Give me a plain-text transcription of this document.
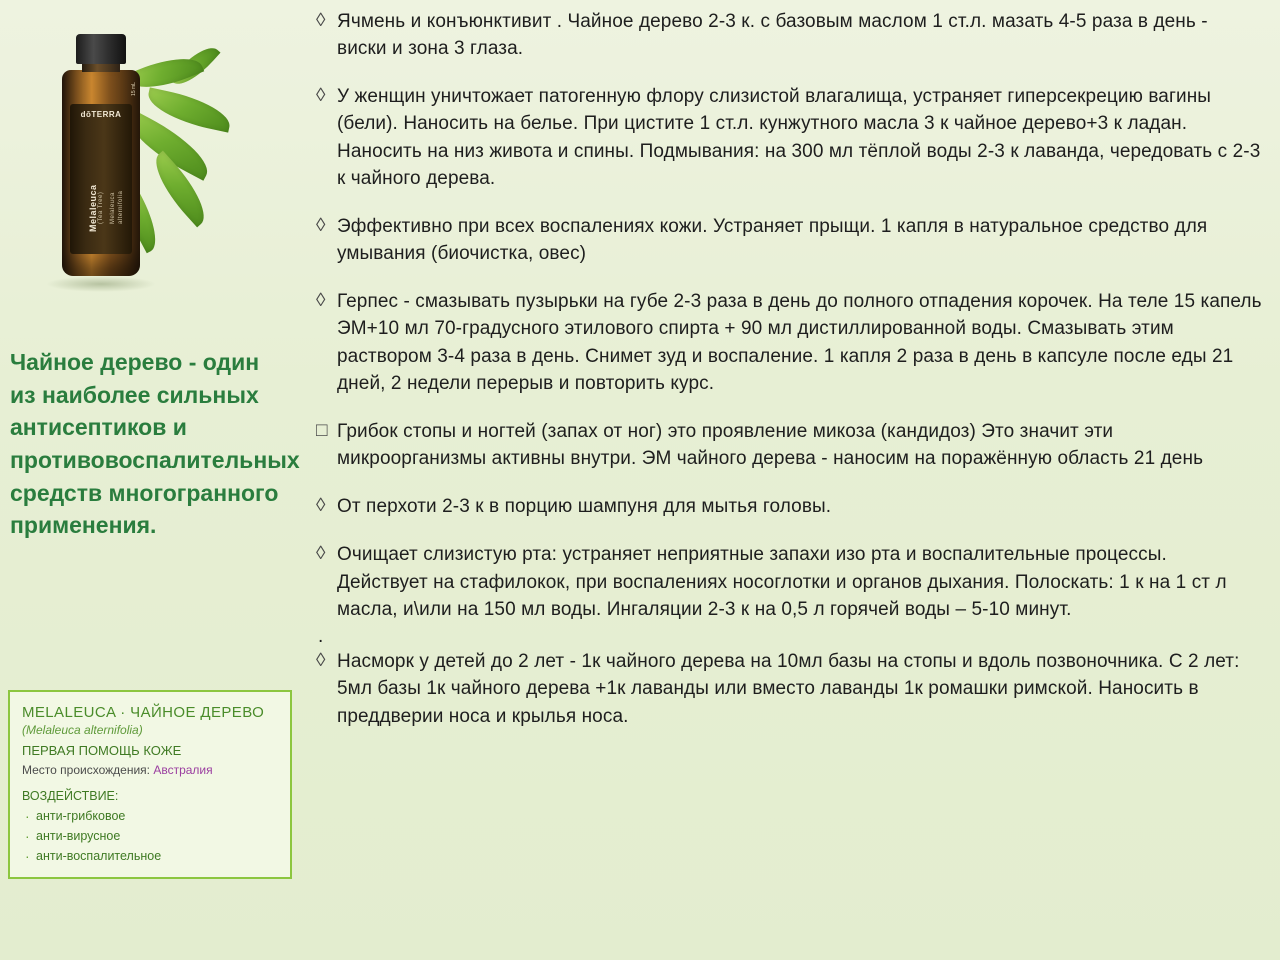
dōTERRA
Melaleuca (Tea Tree) Melaleuca alternifolia
15 mL
Чайное дерево - один из наиболее сильных антисептиков и противовоспалительных средств многогранного применения.
MELALEUCA · ЧАЙНОЕ ДЕРЕВО
(Melaleuca alternifolia)
ПЕРВАЯ ПОМОЩЬ КОЖЕ
Место происхождения: Австралия
ВОЗДЕЙСТВИЕ:
· анти-грибковое
· анти-вирусное
· анти-воспалительное
◊ Ячмень и конъюнктивит . Чайное дерево 2-3 к. с базовым маслом 1 ст.л. мазать 4-5 раза в день - виски и зона 3 глаза.
◊ У женщин уничтожает патогенную флору слизистой влагалища, устраняет гиперсекрецию вагины (бели). Наносить на белье. При цистите 1 ст.л. кунжутного масла 3 к чайное дерево+3 к ладан. Наносить на низ живота и спины. Подмывания: на 300 мл тёплой воды 2-3 к лаванда, чередовать с 2-3 к чайного дерева.
◊ Эффективно при всех воспалениях кожи. Устраняет прыщи. 1 капля в натуральное средство для умывания (биочистка, овес)
◊ Герпес - смазывать пузырьки на губе 2-3 раза в день до полного отпадения корочек. На теле 15 капель ЭМ+10 мл 70-градусного этилового спирта + 90 мл дистиллированной воды. Смазывать этим раствором 3-4 раза в день. Снимет зуд и воспаление. 1 капля 2 раза в день в капсуле после еды 21 дней, 2 недели перерыв и повторить курс.
□ Грибок стопы и ногтей (запах от ног) это проявление микоза (кандидоз) Это значит эти микроорганизмы активны внутри. ЭМ чайного дерева - наносим на поражённую область 21 день
◊ От перхоти 2-3 к в порцию шампуня для мытья головы.
◊ Очищает слизистую рта: устраняет неприятные запахи изо рта и воспалительные процессы. Действует на стафилокок, при воспалениях носоглотки и органов дыхания. Полоскать: 1 к на 1 ст л масла, и\или на 150 мл воды. Ингаляции 2-3 к на 0,5 л горячей воды – 5-10 минут.
.
◊ Насморк у детей до 2 лет - 1к чайного дерева на 10мл базы на стопы и вдоль позвоночника. С 2 лет: 5мл базы 1к чайного дерева +1к лаванды или вместо лаванды 1к ромашки римской. Наносить в преддверии носа и крылья носа.
